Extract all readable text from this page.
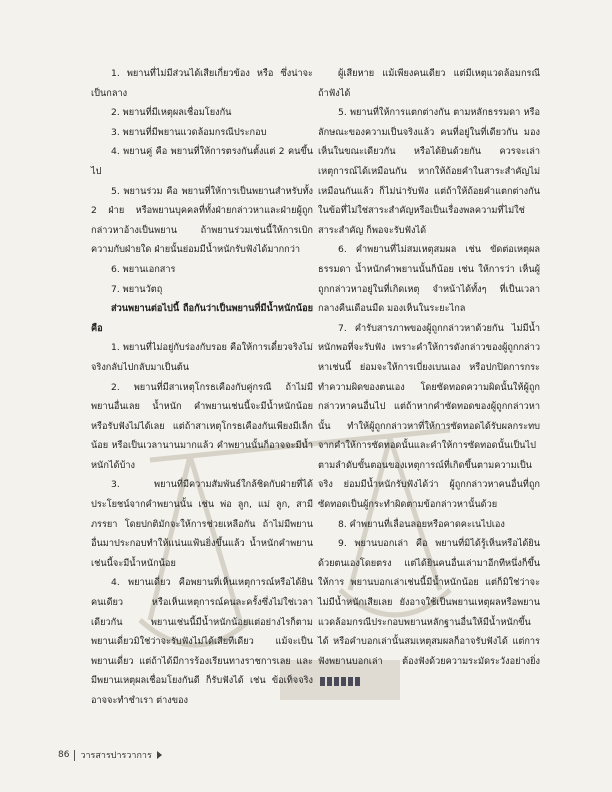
1. พยานที่ไม่มีส่วนได้เสียเกี่ยวข้อง หรือ ซึ่งน่าจะเป็นกลาง

2. พยานที่มีเหตุผลเชื่อมโยงกัน

3. พยานที่มีพยานแวดล้อมกรณีประกอบ

4. พยานคู่ คือ พยานที่ให้การตรงกันตั้งแต่ 2 คนขึ้นไป

5. พยานร่วม คือ พยานที่ให้การเป็นพยานสำหรับทั้ง 2 ฝ่าย หรือพยานบุคคลที่ทั้งฝ่ายกล่าวหาและฝ่ายผู้ถูกกล่าวหาอ้างเป็นพยาน ถ้าพยานร่วมเช่นนี้ให้การเบิกความกับฝ่ายใด ฝ่ายนั้นย่อมมีน้ำหนักรับฟังได้มากกว่า

6. พยานเอกสาร

7. พยานวัตถุ

ส่วนพยานต่อไปนี้ ถือกันว่าเป็นพยานที่มีน้ำหนักน้อย คือ

1. พยานที่ไม่อยู่กับร่องกับรอย คือให้การเดี๋ยวจริงไม่จริงกลับไปกลับมาเป็นต้น

2. พยานที่มีสาเหตุโกรธเคืองกับคู่กรณี ถ้าไม่มีพยานอื่นเลย น้ำหนัก คำพยานเช่นนี้จะมีน้ำหนักน้อย หรือรับฟังไม่ได้เลย แต่ถ้าสาเหตุโกรธเคืองกันเพียงมีเล็กน้อย หรือเป็นเวลานานมากแล้ว คำพยานนั้นก็อาจจะมีน้ำหนักได้บ้าง

3. พยานที่มีความสัมพันธ์ใกล้ชิดกับฝ่ายที่ได้ประโยชน์จากคำพยานนั้น เช่น พ่อ ลูก, แม่ ลูก, สามี ภรรยา โดยปกติมักจะให้การช่วยเหลือกัน ถ้าไม่มีพยานอื่นมาประกอบทำให้แน่นแฟ้นยิ่งขึ้นแล้ว น้ำหนักคำพยานเช่นนี้จะมีน้ำหนักน้อย

4. พยานเดี่ยว คือพยานที่เห็นเหตุการณ์หรือได้ยินคนเดียว หรือเห็นเหตุการณ์คนละครั้งซึ่งไม่ใช่เวลาเดียวกัน พยานเช่นนี้มีน้ำหนักน้อยแต่อย่างไรก็ตาม พยานเดี่ยวมิใช่ว่าจะรับฟังไม่ได้เสียทีเดียว แม้จะเป็นพยานเดี่ยว แต่ถ้าได้มีการร้องเรียนทางราชการเลย และมีพยานเหตุผลเชื่อมโยงกันดี ก็รับฟังได้ เช่น ข้อเท็จจริงอาจจะทำชำเรา ต่างของ

ผู้เสียหาย แม้เพียงคนเดียว แต่มีเหตุแวดล้อมกรณีถ้าฟังได้

5. พยานที่ให้การแตกต่างกัน ตามหลักธรรมดา หรือลักษณะของความเป็นจริงแล้ว คนที่อยู่ในที่เดียวกัน มองเห็นในขณะเดียวกัน หรือได้ยินด้วยกัน ควรจะเล่าเหตุการณ์ได้เหมือนกัน หากให้ถ้อยคำในสาระสำคัญไม่เหมือนกันแล้ว ก็ไม่น่ารับฟัง แต่ถ้าให้ถ้อยคำแตกต่างกันในข้อที่ไม่ใช่สาระสำคัญหรือเป็นเรื่องพลความที่ไม่ใช่สาระสำคัญ ก็พอจะรับฟังได้

6. คำพยานที่ไม่สมเหตุสมผล เช่น ขัดต่อเหตุผลธรรมดา น้ำหนักคำพยานนั้นก็น้อย เช่น ให้การว่า เห็นผู้ถูกกล่าวหาอยู่ในที่เกิดเหตุ จำหน้าได้ทั้งๆ ที่เป็นเวลากลางคืนเดือนมืด มองเห็นในระยะไกล

7. คำรับสารภาพของผู้ถูกกล่าวหาด้วยกัน ไม่มีน้ำหนักพอที่จะรับฟัง เพราะคำให้การดังกล่าวของผู้ถูกกล่าวหาเช่นนี้ ย่อมจะให้การเบี่ยงเบนเอง หรือปกปิดการกระทำความผิดของตนเอง โดยซัดทอดความผิดนั้นให้ผู้ถูกกล่าวหาคนอื่นไป แต่ถ้าหากคำซัดทอดของผู้ถูกกล่าวหานั้น ทำให้ผู้ถูกกล่าวหาที่ให้การซัดทอดได้รับผลกระทบจากคำให้การซัดทอดนั้นและคำให้การซัดทอดนั้นเป็นไปตามลำดับขั้นตอนของเหตุการณ์ที่เกิดขึ้นตามความเป็นจริง ย่อมมีน้ำหนักรับฟังได้ว่า ผู้ถูกกล่าวหาคนอื่นที่ถูกซัดทอดเป็นผู้กระทำผิดตามข้อกล่าวหานั้นด้วย

8. คำพยานที่เลื่อนลอยหรือคาดคะเนไปเอง

9. พยานบอกเล่า คือ พยานที่มิได้รู้เห็นหรือได้ยินด้วยตนเองโดยตรง แต่ได้ยินคนอื่นเล่ามาอีกทีหนึ่งก็ขึ้นให้การ พยานบอกเล่าเช่นนี้มีน้ำหนักน้อย แต่ก็มิใช่ว่าจะไม่มีน้ำหนักเสียเลย ยังอาจใช้เป็นพยานเหตุผลหรือพยานแวดล้อมกรณีประกอบพยานหลักฐานอื่นให้มีน้ำหนักขึ้นได้ หรือคำบอกเล่านั้นสมเหตุสมผลก็อาจรับฟังได้ แต่การฟังพยานบอกเล่า ต้องฟังด้วยความระมัดระวังอย่างยิ่ง

86 วารสารปารวาการ
